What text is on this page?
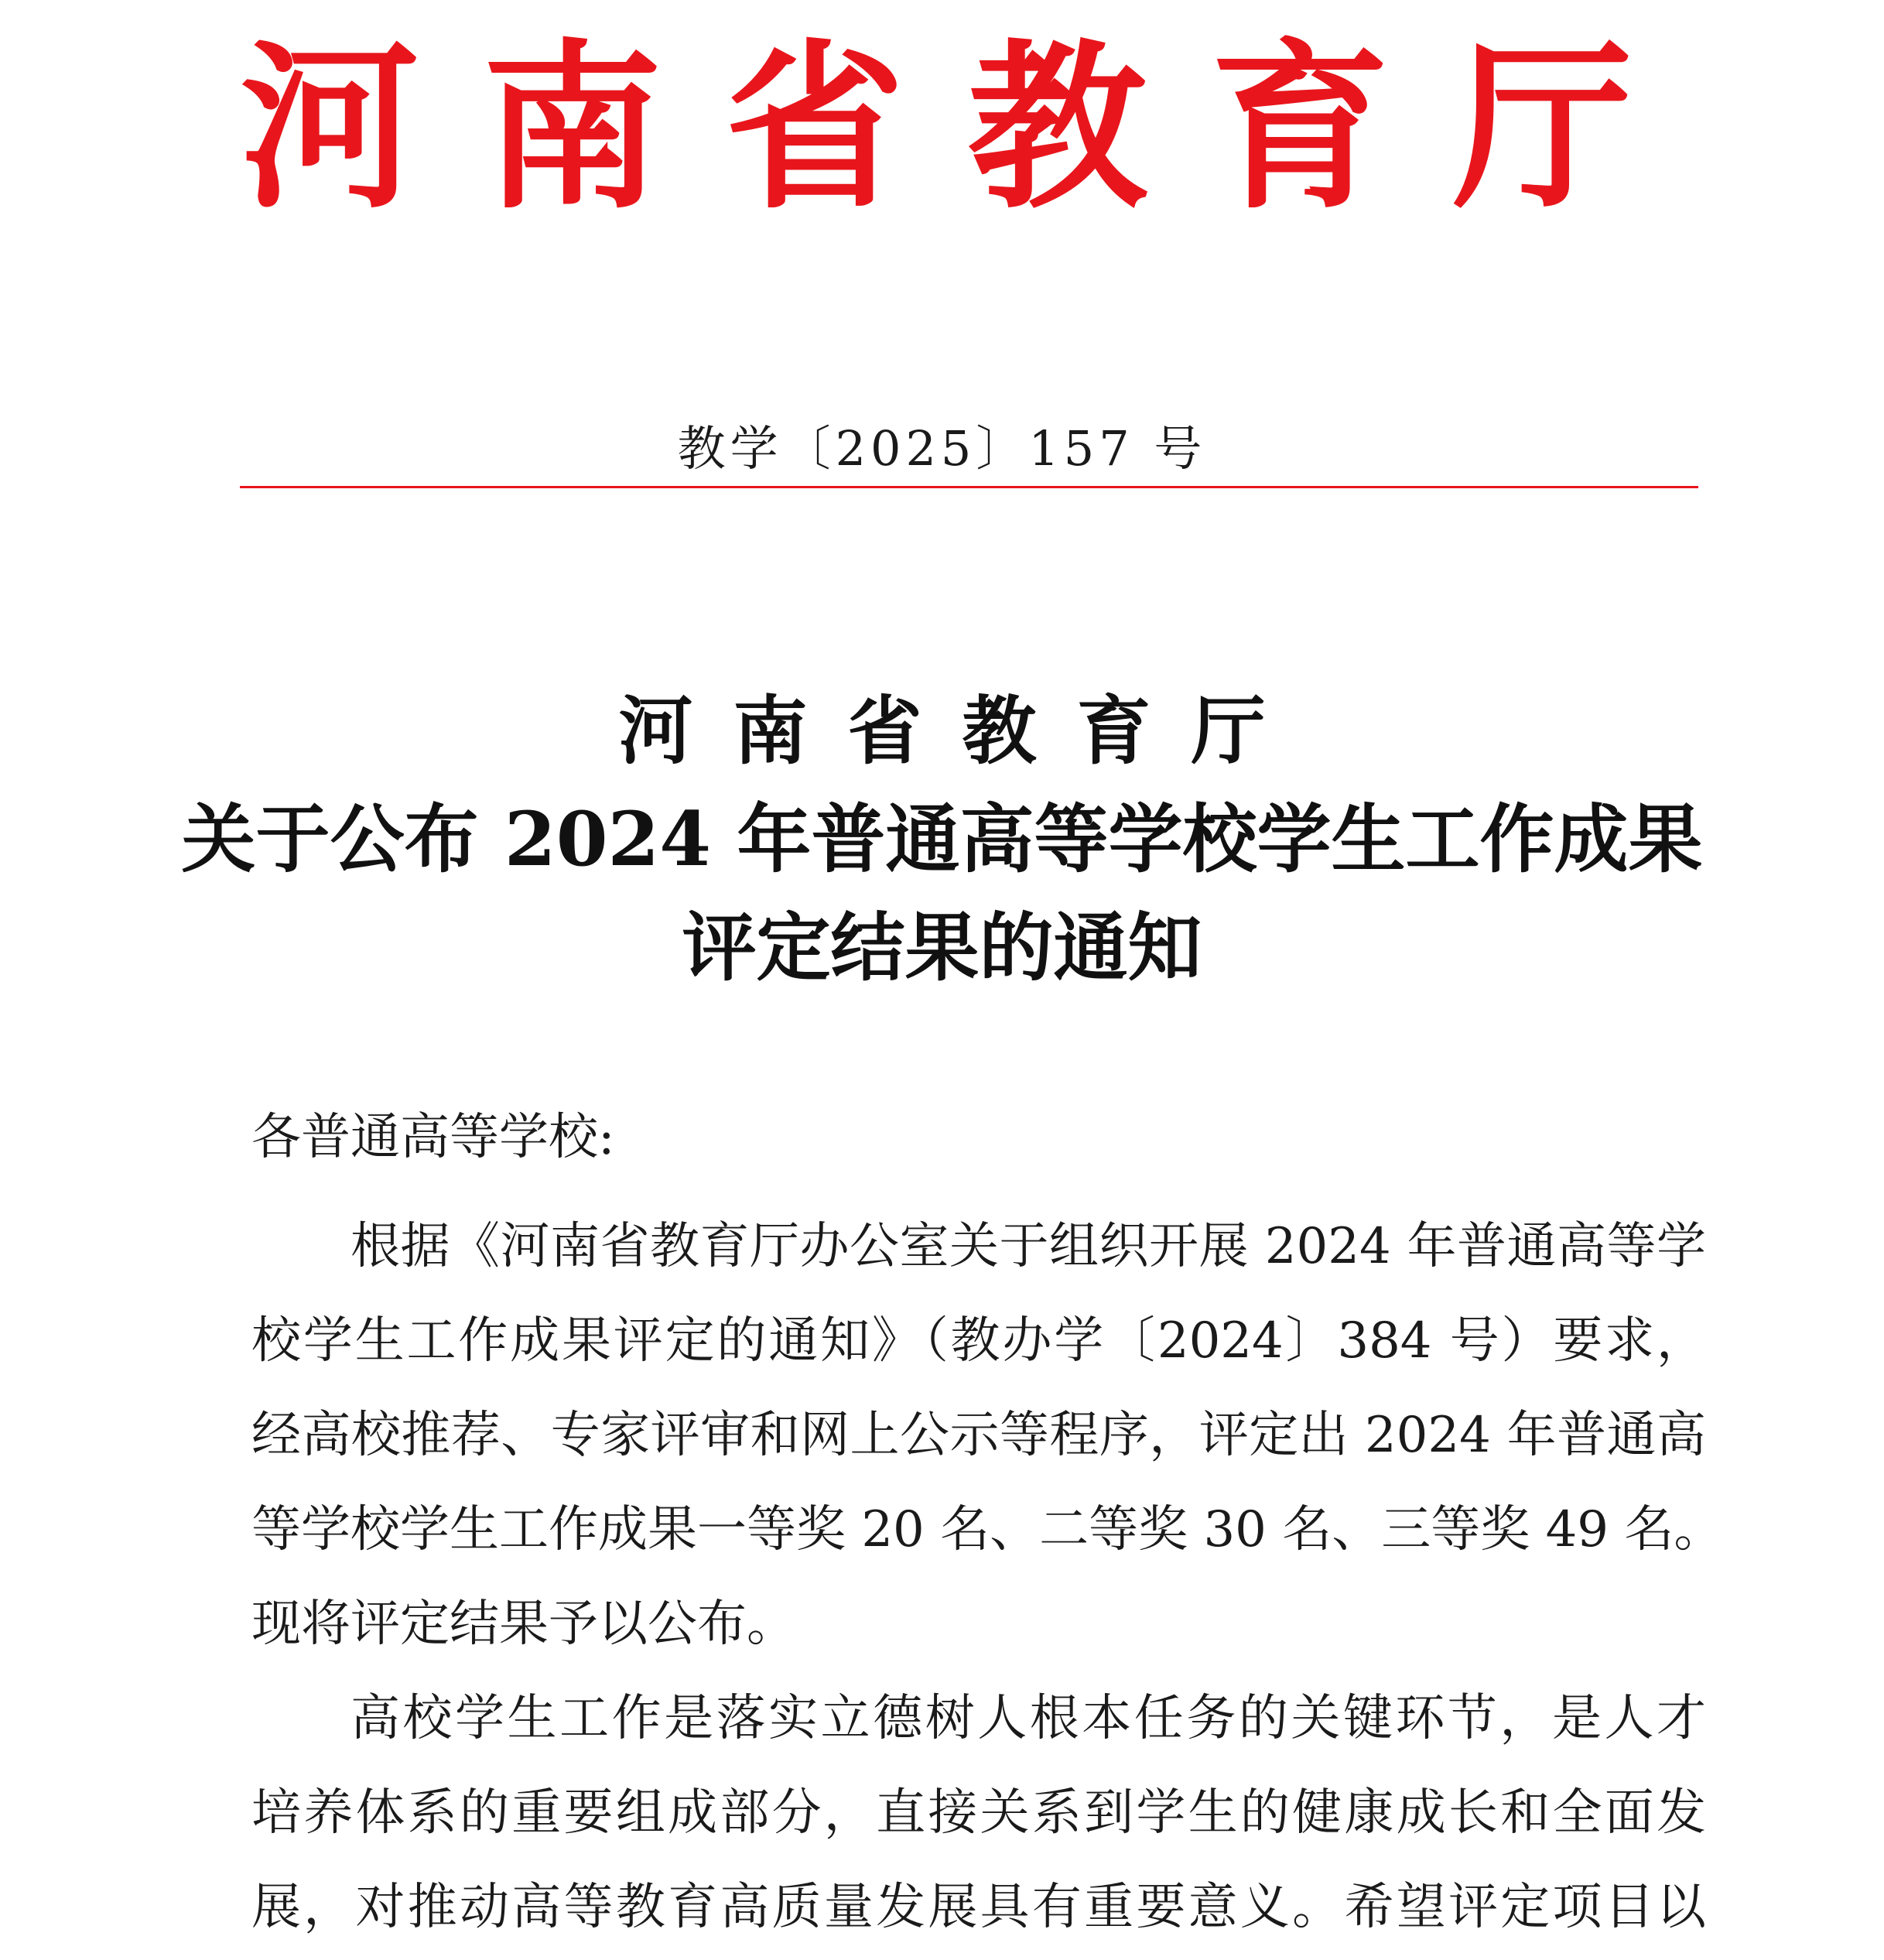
河 南 省 教 育 厅
教学〔2025〕157 号
河南省教育厅
关于公布 2024 年普通高等学校学生工作成果
评定结果的通知
各普通高等学校:
根据《河南省教育厅办公室关于组织开展 2024 年普通高等学
校学生工作成果评定的通知》（教办学〔2024〕384 号）要求，
经高校推荐、专家评审和网上公示等程序，评定出 2024 年普通高
等学校学生工作成果一等奖 20 名、二等奖 30 名、三等奖 49 名。
现将评定结果予以公布。
高校学生工作是落实立德树人根本任务的关键环节，是人才
培养体系的重要组成部分，直接关系到学生的健康成长和全面发
展，对推动高等教育高质量发展具有重要意义。希望评定项目以
